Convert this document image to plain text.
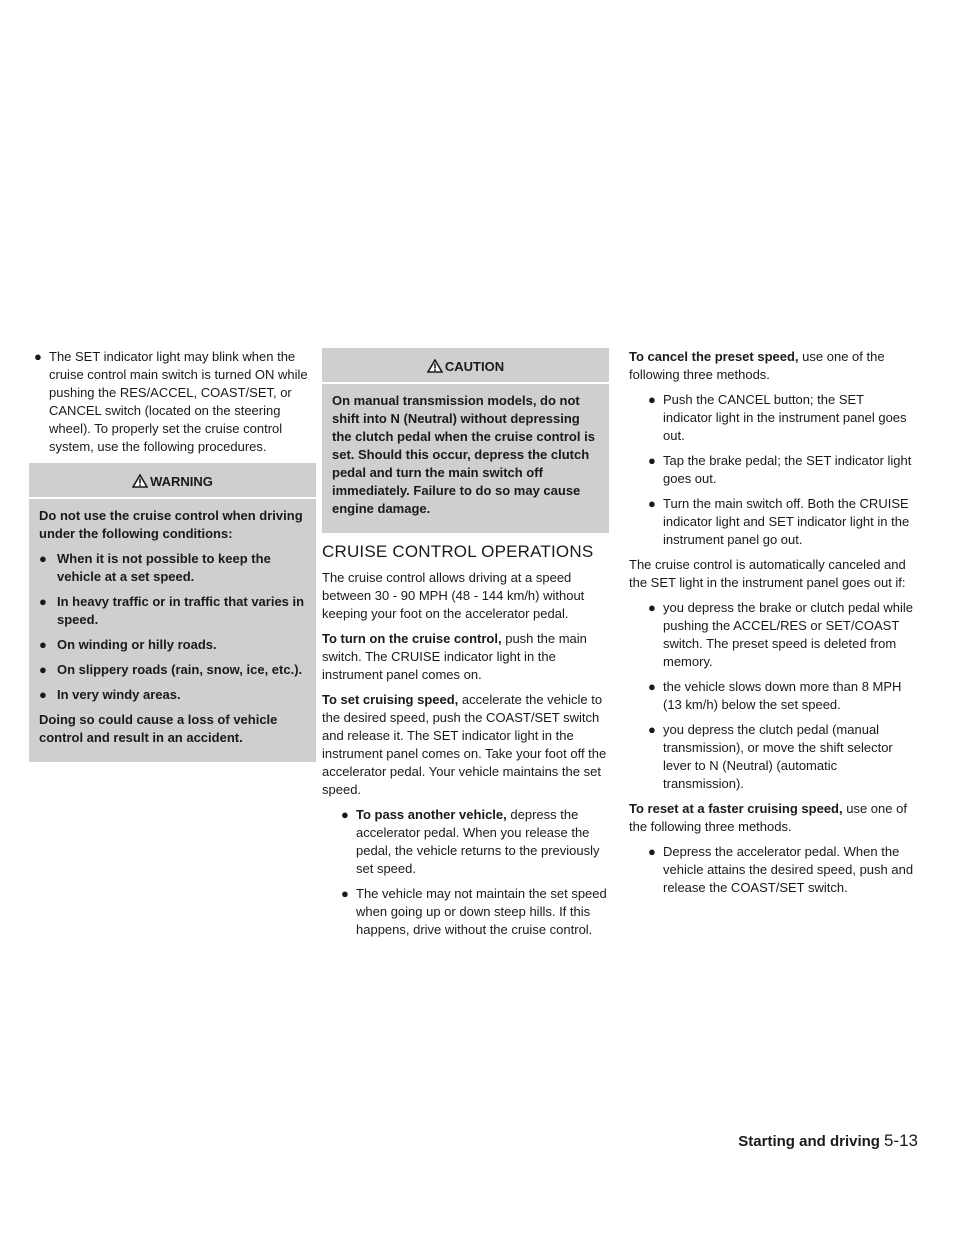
● The SET indicator light may blink when the cruise control main switch is turned ON while pushing the RES/ACCEL, COAST/SET, or CANCEL switch (located on the steering wheel). To properly set the cruise control system, use the following procedures.
WARNING

Do not use the cruise control when driving under the following conditions:

● When it is not possible to keep the vehicle at a set speed.
● In heavy traffic or in traffic that varies in speed.
● On winding or hilly roads.
● On slippery roads (rain, snow, ice, etc.).
● In very windy areas.

Doing so could cause a loss of vehicle control and result in an accident.

CAUTION

On manual transmission models, do not shift into N (Neutral) without depressing the clutch pedal when the cruise control is set. Should this occur, depress the clutch pedal and turn the main switch off immediately. Failure to do so may cause engine damage.

CRUISE CONTROL OPERATIONS

The cruise control allows driving at a speed between 30 - 90 MPH (48 - 144 km/h) without keeping your foot on the accelerator pedal.

To turn on the cruise control, push the main switch. The CRUISE indicator light in the instrument panel comes on.

To set cruising speed, accelerate the vehicle to the desired speed, push the COAST/SET switch and release it. The SET indicator light in the instrument panel comes on. Take your foot off the accelerator pedal. Your vehicle maintains the set speed.

● To pass another vehicle, depress the accelerator pedal. When you release the pedal, the vehicle returns to the previously set speed.
● The vehicle may not maintain the set speed when going up or down steep hills. If this happens, drive without the cruise control.

To cancel the preset speed, use one of the following three methods.

● Push the CANCEL button; the SET indicator light in the instrument panel goes out.
● Tap the brake pedal; the SET indicator light goes out.
● Turn the main switch off. Both the CRUISE indicator light and SET indicator light in the instrument panel go out.

The cruise control is automatically canceled and the SET light in the instrument panel goes out if:

● you depress the brake or clutch pedal while pushing the ACCEL/RES or SET/COAST switch. The preset speed is deleted from memory.
● the vehicle slows down more than 8 MPH (13 km/h) below the set speed.
● you depress the clutch pedal (manual transmission), or move the shift selector lever to N (Neutral) (automatic transmission).

To reset at a faster cruising speed, use one of the following three methods.

● Depress the accelerator pedal. When the vehicle attains the desired speed, push and release the COAST/SET switch.
Starting and driving 5-13
